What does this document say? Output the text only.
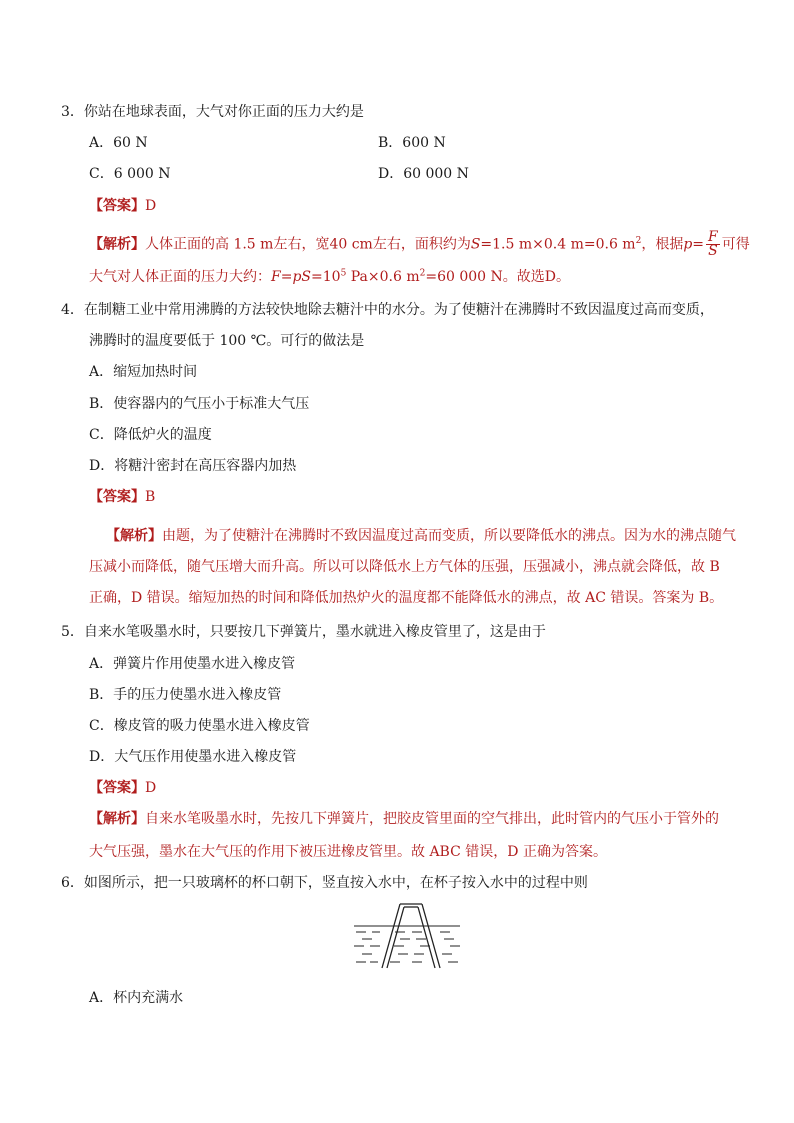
3．你站在地球表面，大气对你正面的压力大约是
A．60 N	B．600 N
C．6 000 N	D．60 000 N
【答案】D
【解析】人体正面的高 1.5 m左右，宽40 cm左右，面积约为S=1.5 m×0.4 m=0.6 $m^2$，根据$p= \frac{F}{S}$ 可得
大气对人体正面的压力大约：$F=pS=10^5$ Pa×0.6 $m^2=60$ 000 N。故选D。
4．在制糖工业中常用沸腾的方法较快地除去糖汁中的水分。为了使糖汁在沸腾时不致因温度过高而变质，
沸腾时的温度要低于 100 ℃。可行的做法是
A．缩短加热时间
B．使容器内的气压小于标准大气压
C．降低炉火的温度
D．将糖汁密封在高压容器内加热
【答案】B
【解析】由题，为了使糖汁在沸腾时不致因温度过高而变质，所以要降低水的沸点。因为水的沸点随气
压减小而降低，随气压增大而升高。所以可以降低水上方气体的压强，压强减小，沸点就会降低，故 B
正确，D 错误。缩短加热的时间和降低加热炉火的温度都不能降低水的沸点，故 AC 错误。答案为 B。
5．自来水笔吸墨水时，只要按几下弹簧片，墨水就进入橡皮管里了，这是由于
A．弹簧片作用使墨水进入橡皮管
B．手的压力使墨水进入橡皮管
C．橡皮管的吸力使墨水进入橡皮管
D．大气压作用使墨水进入橡皮管
【答案】D
【解析】自来水笔吸墨水时，先按几下弹簧片，把胶皮管里面的空气排出，此时管内的气压小于管外的
大气压强，墨水在大气压的作用下被压进橡皮管里。故 ABC 错误，D 正确为答案。
6．如图所示，把一只玻璃杯的杯口朝下，竖直按入水中，在杯子按入水中的过程中则
A．杯内充满水
